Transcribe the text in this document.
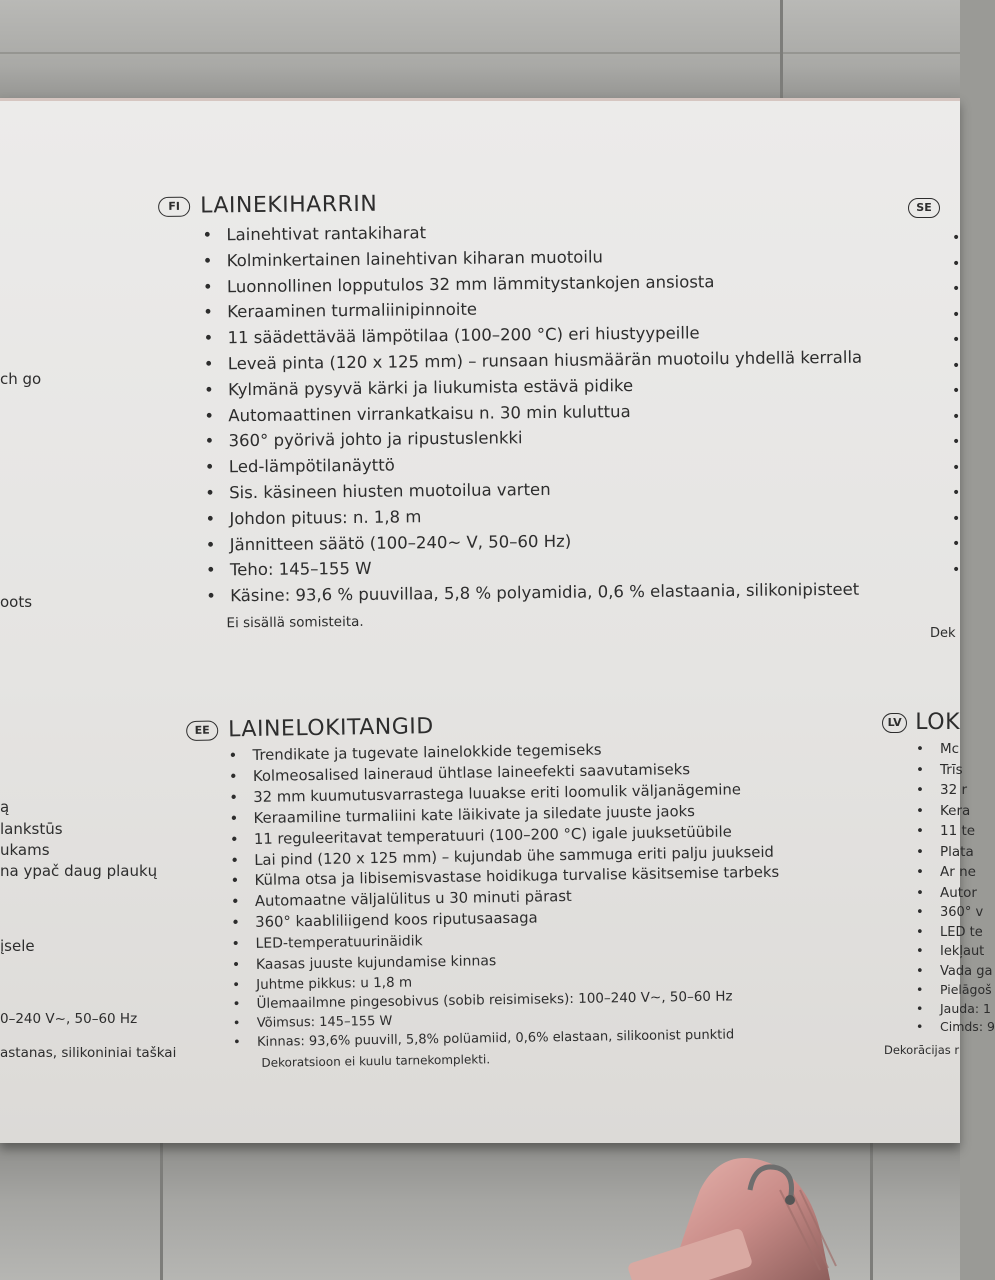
ch go
oots
ą
lankstūs
ukams
na ypač daug plaukų
įsele
0–240 V~, 50–60 Hz
astanas, silikoniniai taškai
FI LAINEKIHARRIN
• Lainehtivat rantakiharat
• Kolminkertainen lainehtivan kiharan muotoilu
• Luonnollinen lopputulos 32 mm lämmitystankojen ansiosta
• Keraaminen turmaliinipinnoite
• 11 säädettävää lämpötilaa (100–200 °C) eri hiustyypeille
• Leveä pinta (120 x 125 mm) – runsaan hiusmäärän muotoilu yhdellä kerralla
• Kylmänä pysyvä kärki ja liukumista estävä pidike
• Automaattinen virrankatkaisu n. 30 min kuluttua
• 360° pyörivä johto ja ripustuslenkki
• Led-lämpötilanäyttö
• Sis. käsineen hiusten muotoilua varten
• Johdon pituus: n. 1,8 m
• Jännitteen säätö (100–240~ V, 50–60 Hz)
• Teho: 145–155 W
• Käsine: 93,6 % puuvillaa, 5,8 % polyamidia, 0,6 % elastaania, silikonipisteet
Ei sisällä somisteita.
EE LAINELOKITANGID
• Trendikate ja tugevate lainelokkide tegemiseks
• Kolmeosalised laineraud ühtlase laineefekti saavutamiseks
• 32 mm kuumutusvarrastega luuakse eriti loomulik väljanägemine
• Keraamiline turmaliini kate läikivate ja siledate juuste jaoks
• 11 reguleeritavat temperatuuri (100–200 °C) igale juuksetüübile
• Lai pind (120 x 125 mm) – kujundab ühe sammuga eriti palju juukseid
• Külma otsa ja libisemisvastase hoidikuga turvalise käsitsemise tarbeks
• Automaatne väljalülitus u 30 minuti pärast
• 360° kaabliliigend koos riputusaasaga
• LED-temperatuurinäidik
• Kaasas juuste kujundamise kinnas
• Juhtme pikkus: u 1,8 m
• Ülemaailmne pingesobivus (sobib reisimiseks): 100–240 V~, 50–60 Hz
• Võimsus: 145–155 W
• Kinnas: 93,6% puuvill, 5,8% polüamiid, 0,6% elastaan, silikoonist punktid
Dekoratsioon ei kuulu tarnekomplekti.
SE
•
•
•
•
•
•
•
•
•
•
•
•
•
•
Dek
LV LOK
• Mc
• Trīs
• 32 r
• Kera
• 11 te
• Plata
• Ar ne
• Autor
• 360° v
• LED te
• Iekļaut
• Vada ga
• Pielāgoš
• Jauda: 1
• Cimds: 9
Dekorācijas r
